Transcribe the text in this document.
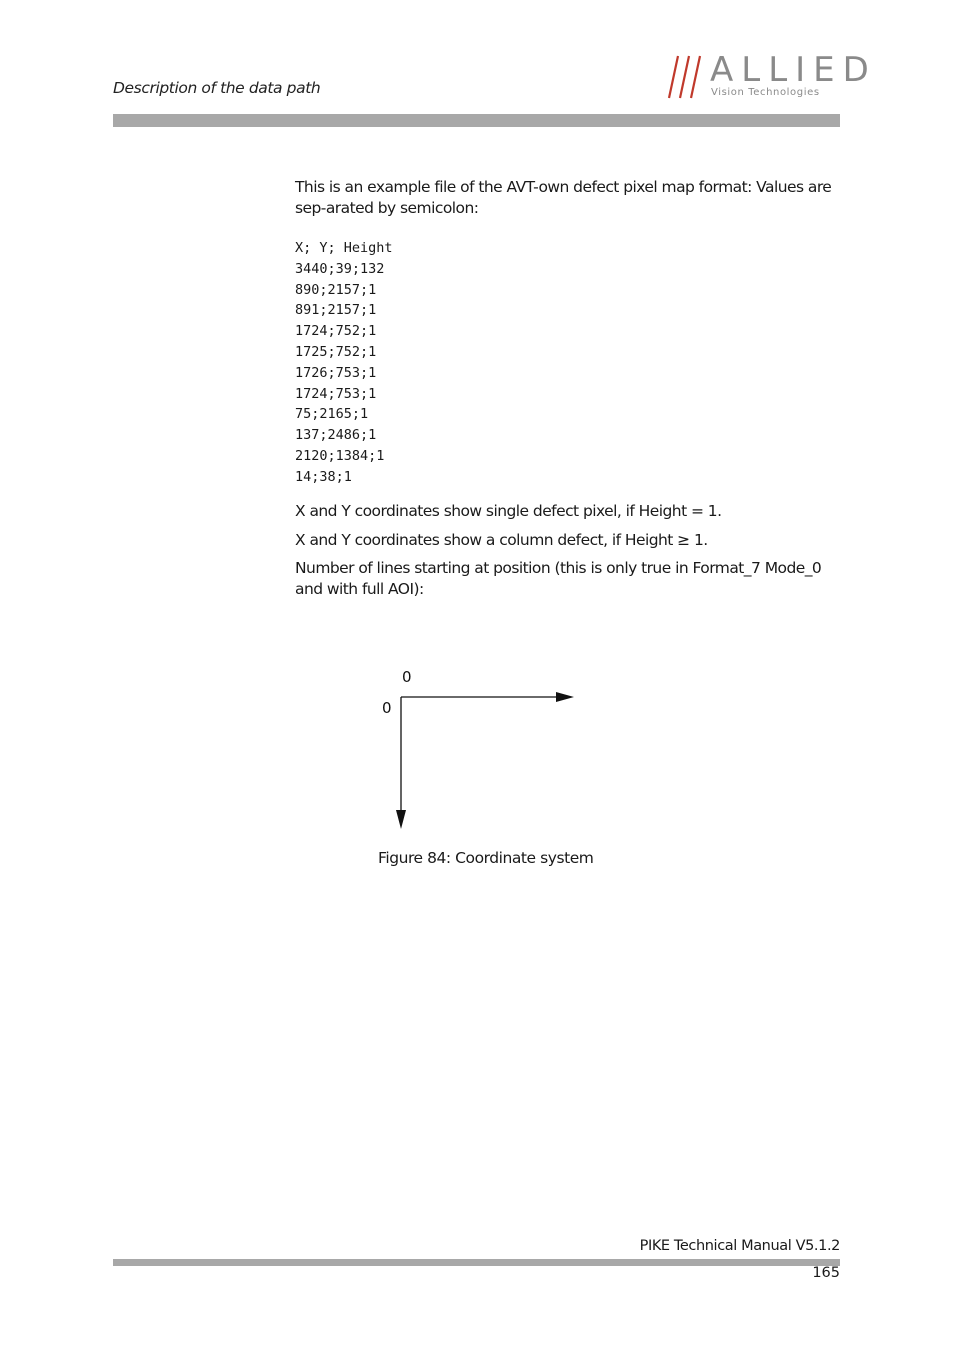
Description of the data path	ALLIED
Vision Technologies
This is an example file of the AVT-own defect pixel map format: Values are sep-arated by semicolon:
X; Y; Height
3440;39;132
890;2157;1
891;2157;1
1724;752;1
1725;752;1
1726;753;1
1724;753;1
75;2165;1
137;2486;1
2120;1384;1
14;38;1
X and Y coordinates show single defect pixel, if Height = 1.
X and Y coordinates show a column defect, if Height ≥ 1.
Number of lines starting at position (this is only true in Format_7 Mode_0 and with full AOI):
0
0
Figure 84: Coordinate system
PIKE Technical Manual V5.1.2
165
